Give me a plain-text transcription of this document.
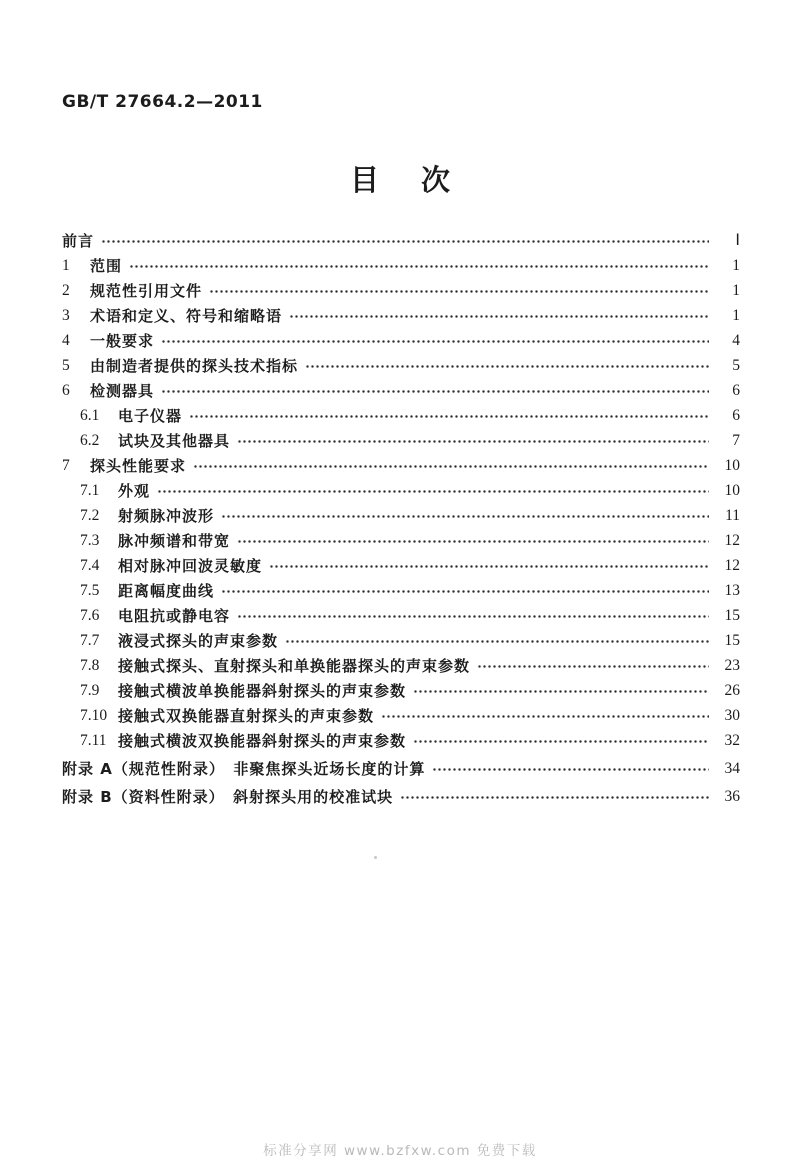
GB/T 27664.2—2011
目 次
前言	Ⅰ
1	范围	1
2	规范性引用文件	1
3	术语和定义、符号和缩略语	1
4	一般要求	4
5	由制造者提供的探头技术指标	5
6	检测器具	6
6.1	电子仪器	6
6.2	试块及其他器具	7
7	探头性能要求	10
7.1	外观	10
7.2	射频脉冲波形	11
7.3	脉冲频谱和带宽	12
7.4	相对脉冲回波灵敏度	12
7.5	距离幅度曲线	13
7.6	电阻抗或静电容	15
7.7	液浸式探头的声束参数	15
7.8	接触式探头、直射探头和单换能器探头的声束参数	23
7.9	接触式横波单换能器斜射探头的声束参数	26
7.10 接触式双换能器直射探头的声束参数	30
7.11 接触式横波双换能器斜射探头的声束参数	32
附录 A（规范性附录）　非聚焦探头近场长度的计算	34
附录 B（资料性附录）　斜射探头用的校准试块	36
标准分享网 www.bzfxw.com 免费下载
